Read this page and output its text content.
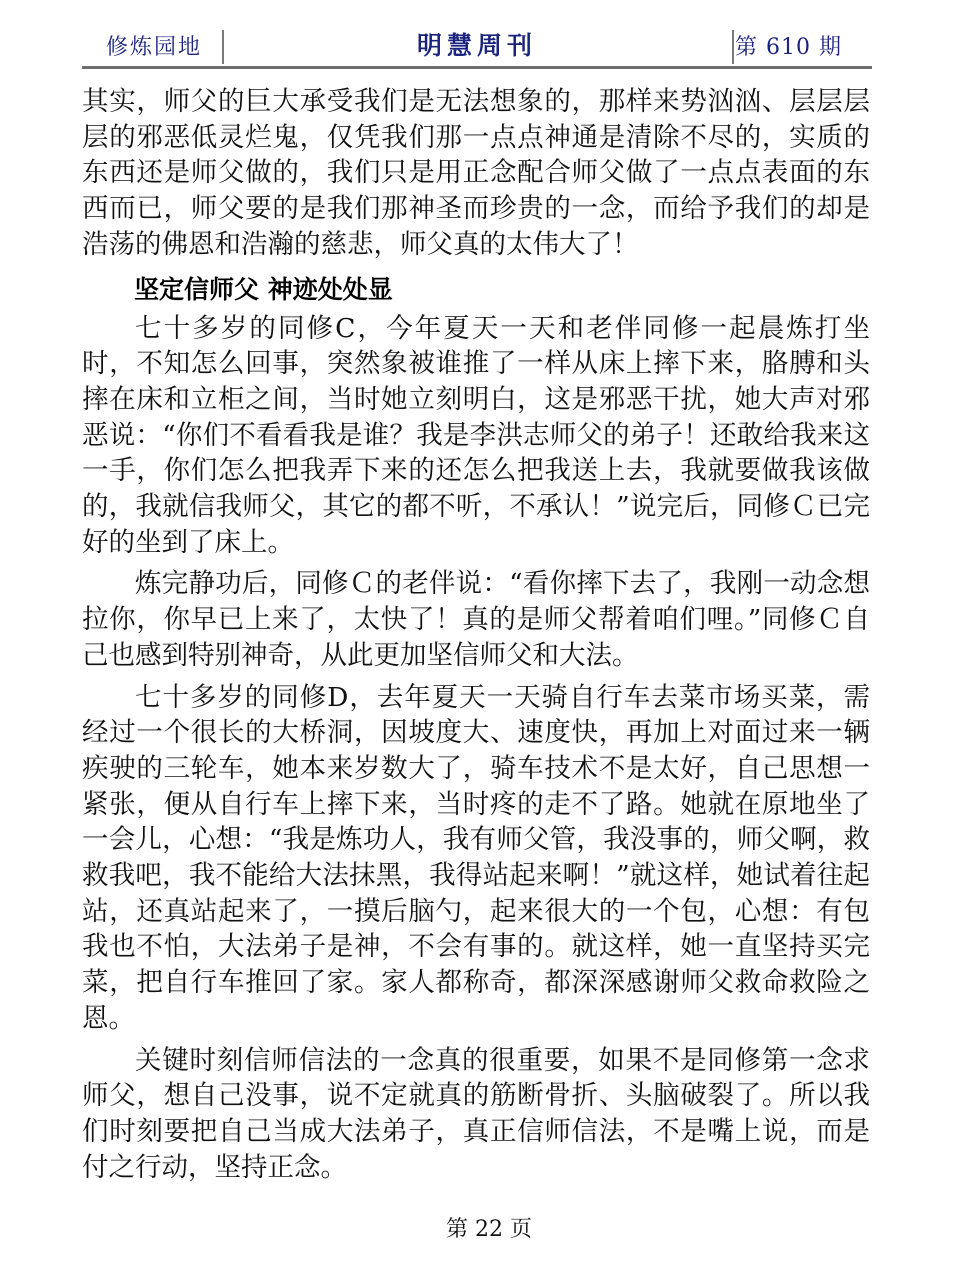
修炼园地	明慧周刊	第 610 期

其实，师父的巨大承受我们是无法想象的，那样来势汹汹、层层层层的邪恶低灵烂鬼，仅凭我们那一点点神通是清除不尽的，实质的东西还是师父做的，我们只是用正念配合师父做了一点点表面的东西而已，师父要的是我们那神圣而珍贵的一念，而给予我们的却是浩荡的佛恩和浩瀚的慈悲，师父真的太伟大了！

坚定信师父 神迹处处显

七十多岁的同修C，今年夏天一天和老伴同修一起晨炼打坐时，不知怎么回事，突然象被谁推了一样从床上摔下来，胳膊和头摔在床和立柜之间，当时她立刻明白，这是邪恶干扰，她大声对邪恶说：“你们不看看我是谁？我是李洪志师父的弟子！还敢给我来这一手，你们怎么把我弄下来的还怎么把我送上去，我就要做我该做的，我就信我师父，其它的都不听，不承认！”说完后，同修Ｃ已完好的坐到了床上。

炼完静功后，同修Ｃ的老伴说：“看你摔下去了，我刚一动念想拉你，你早已上来了，太快了！真的是师父帮着咱们哩。”同修Ｃ自己也感到特别神奇，从此更加坚信师父和大法。

七十多岁的同修D，去年夏天一天骑自行车去菜市场买菜，需经过一个很长的大桥洞，因坡度大、速度快，再加上对面过来一辆疾驶的三轮车，她本来岁数大了，骑车技术不是太好，自己思想一紧张，便从自行车上摔下来，当时疼的走不了路。她就在原地坐了一会儿，心想：“我是炼功人，我有师父管，我没事的，师父啊，救救我吧，我不能给大法抹黑，我得站起来啊！”就这样，她试着往起站，还真站起来了，一摸后脑勺，起来很大的一个包，心想：有包我也不怕，大法弟子是神，不会有事的。就这样，她一直坚持买完菜，把自行车推回了家。家人都称奇，都深深感谢师父救命救险之恩。

关键时刻信师信法的一念真的很重要，如果不是同修第一念求师父，想自己没事，说不定就真的筋断骨折、头脑破裂了。所以我们时刻要把自己当成大法弟子，真正信师信法，不是嘴上说，而是付之行动，坚持正念。

第 22 页
